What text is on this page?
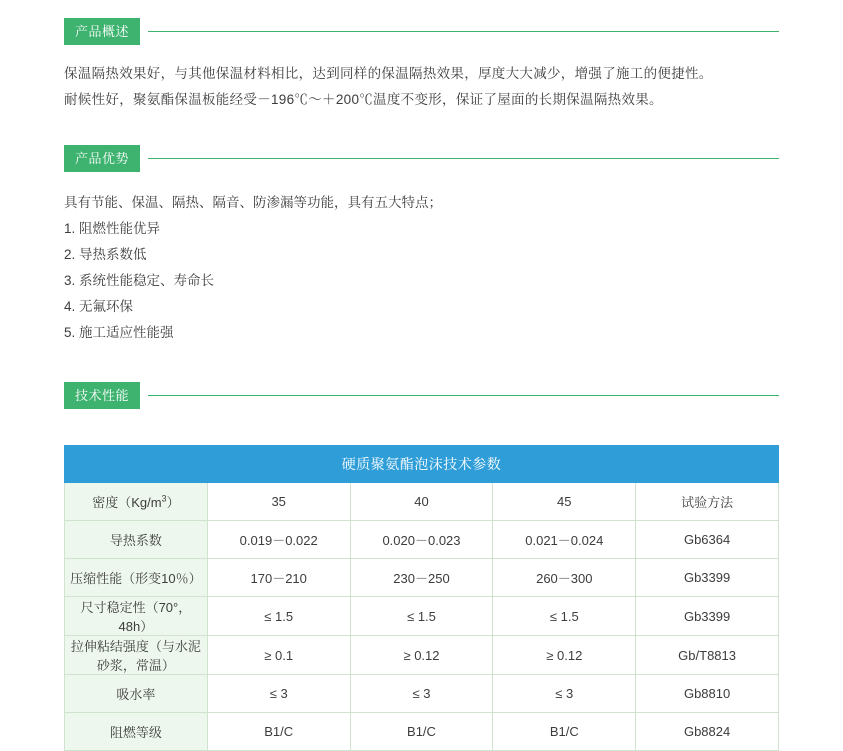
产品概述
保温隔热效果好，与其他保温材料相比，达到同样的保温隔热效果，厚度大大减少，增强了施工的便捷性。
耐候性好，聚氨酯保温板能经受－196℃～＋200℃温度不变形，保证了屋面的长期保温隔热效果。
产品优势
具有节能、保温、隔热、隔音、防渗漏等功能，具有五大特点；
1. 阻燃性能优异
2. 导热系数低
3. 系统性能稳定、寿命长
4. 无氟环保
5. 施工适应性能强
技术性能
硬质聚氨酯泡沫技术参数				
密度$(Kg/m^3)$	35	40	45	试验方法
导热系数	0.019－0.022	0.020－0.023	0.021－0.024	Gb6364
压缩性能（形变10％）	170－210	230－250	260－300	Gb3399
尺寸稳定性（70°，48h）	≤ 1.5	≤ 1.5	≤ 1.5	Gb3399
拉伸粘结强度（与水泥砂浆，常温）	≥ 0.1	≥ 0.12	≥ 0.12	Gb/T8813
吸水率	≤ 3	≤ 3	≤ 3	Gb8810
阻燃等级	B1/C	B1/C	B1/C	Gb8824
